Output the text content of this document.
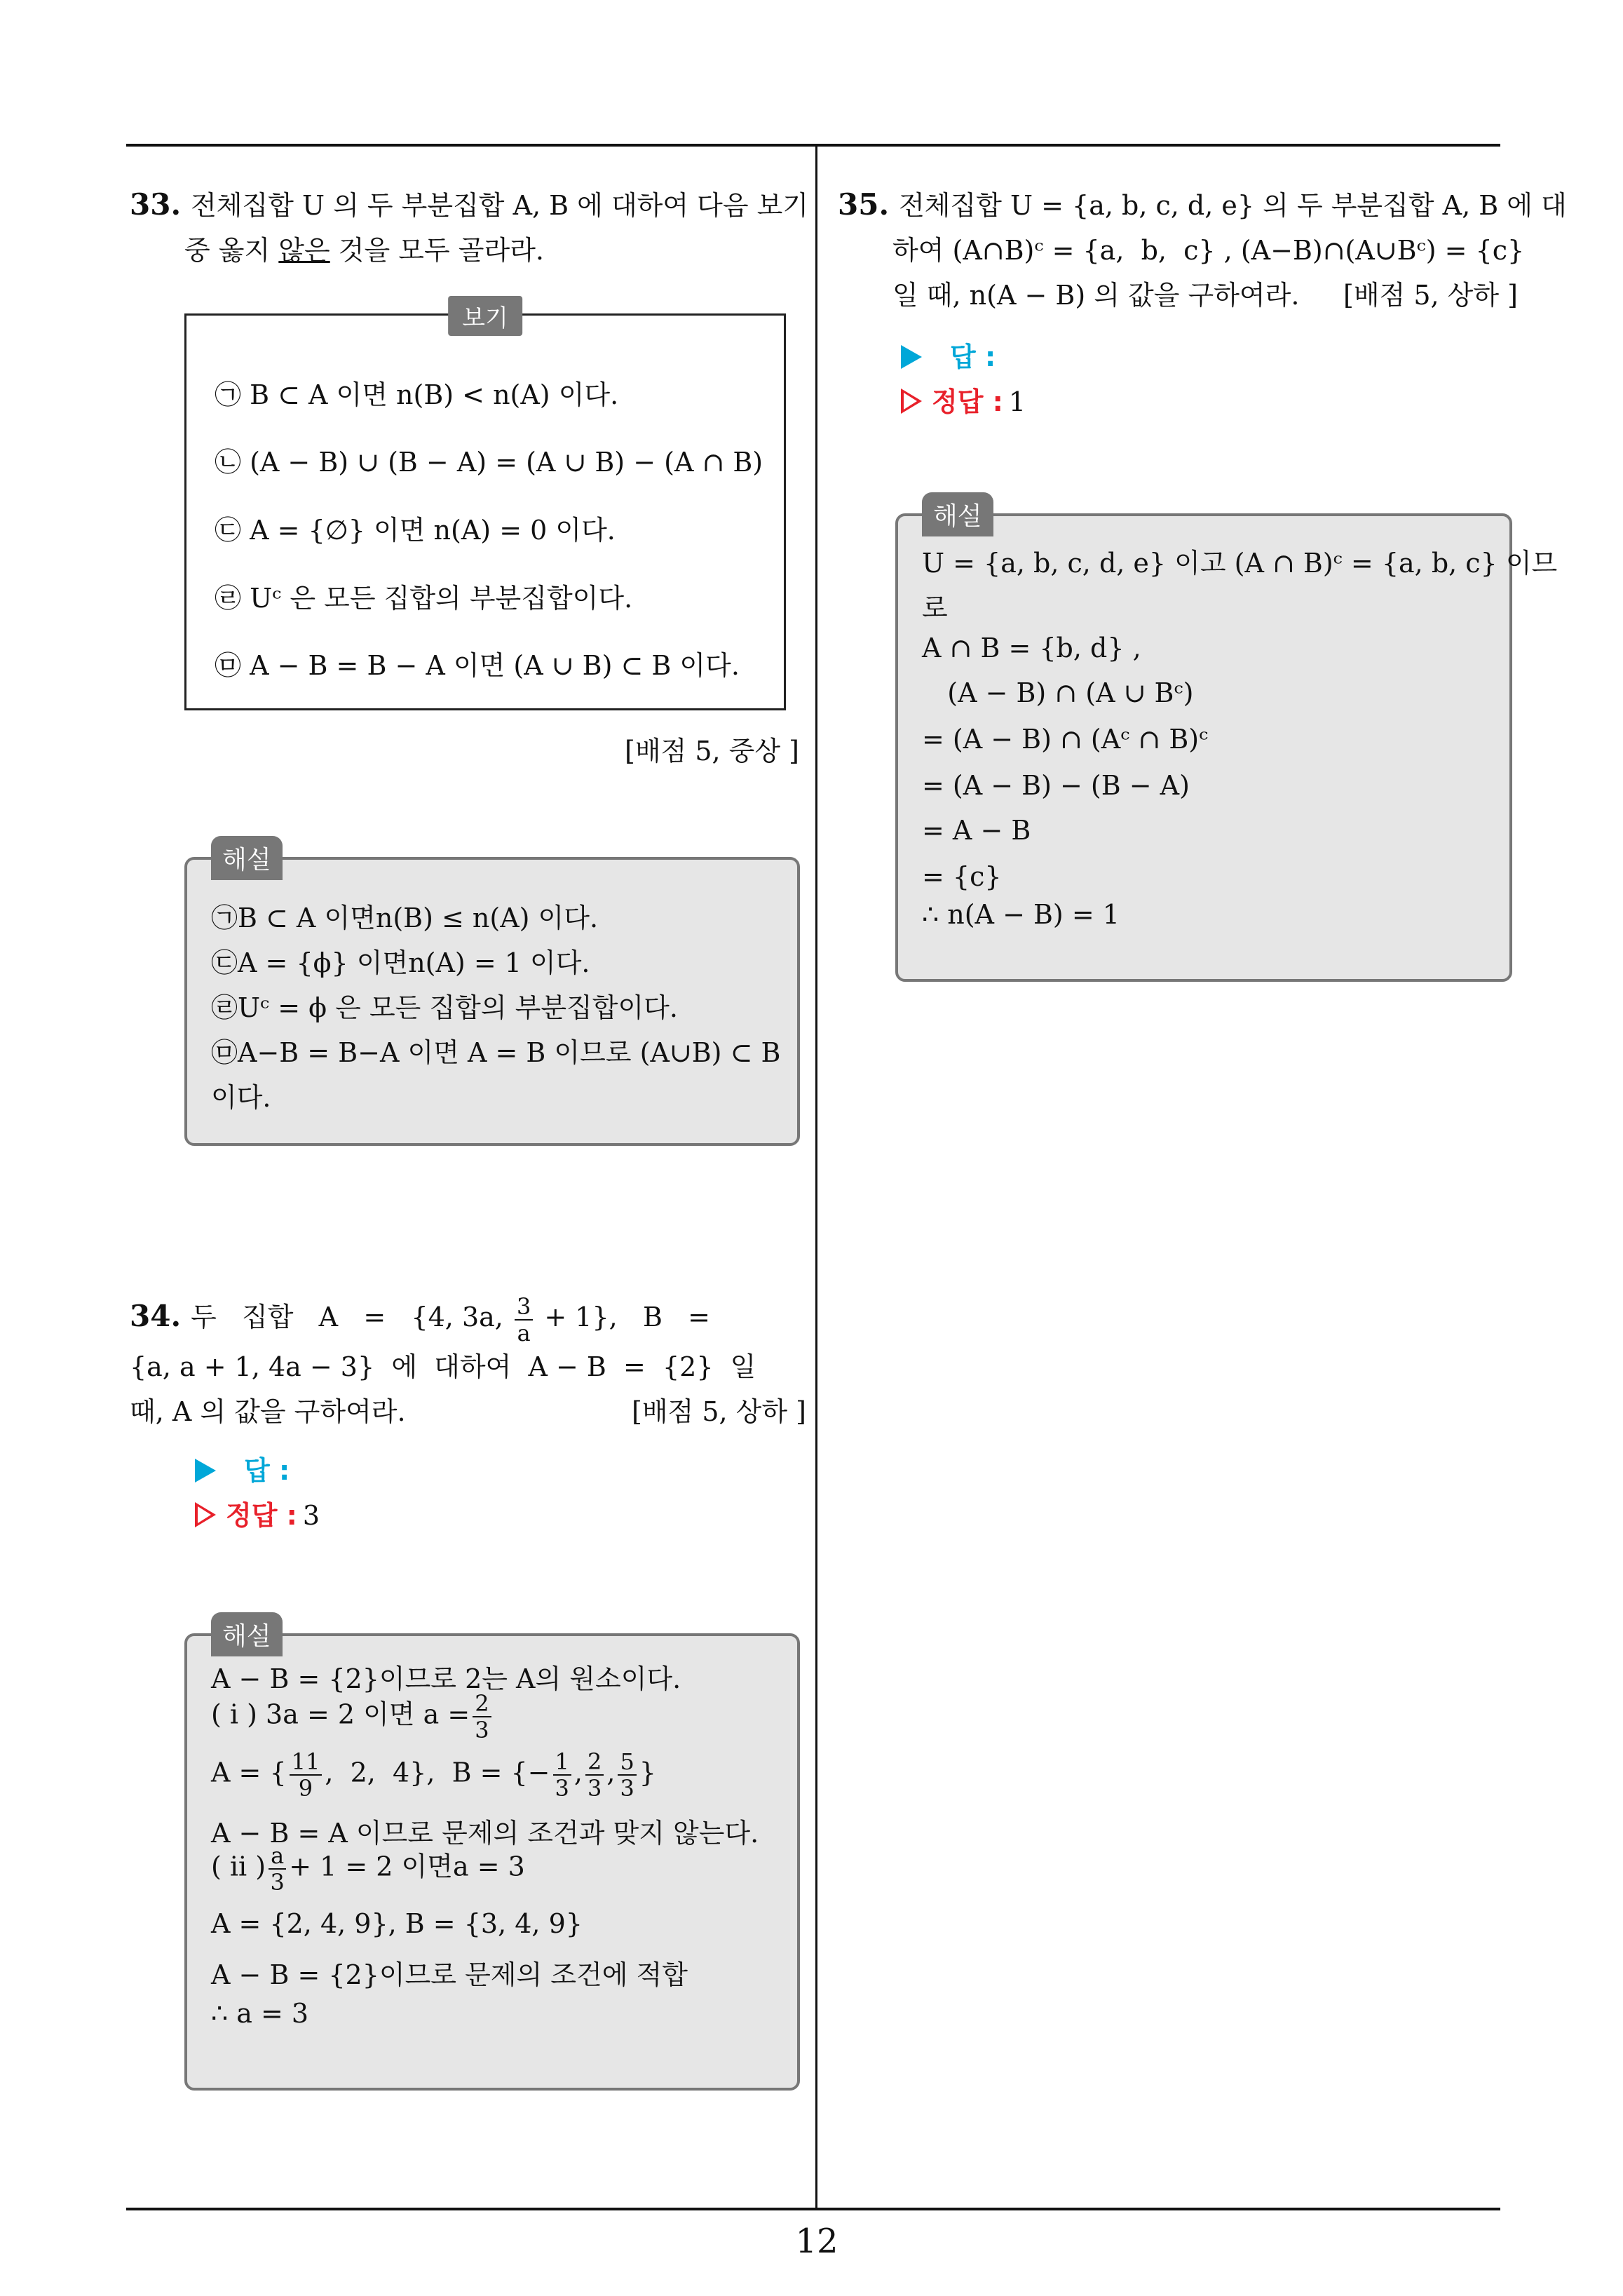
12
33. 전체집합 U 의 두 부분집합 A, B 에 대하여 다음 보기
중 옳지 않은 것을 모두 골라라.
보기
㉠ B ⊂ A 이면 n(B) < n(A) 이다.
㉡ (A − B) ∪ (B − A) = (A ∪ B) − (A ∩ B)
㉢ A = {∅} 이면 n(A) = 0 이다.
㉣ Uᶜ 은 모든 집합의 부분집합이다.
㉤ A − B = B − A 이면 (A ∪ B) ⊂ B 이다.
[배점 5, 중상 ]
해설
㉠B ⊂ A 이면n(B) ≤ n(A) 이다.
㉢A = {ϕ} 이면n(A) = 1 이다.
㉣Uᶜ = ϕ 은 모든 집합의 부분집합이다.
㉤A−B = B−A 이면 A = B 이므로 (A∪B) ⊂ B
이다.
34. 두   집합   A   =   {4, 3a, $\frac{3}{a} + 1$},   B   =
{a, a + 1, 4a − 3}  에  대하여  A − B  =  {2}  일
때, A 의 값을 구하여라.	[배점 5, 상하 ]
답 :
정답 : 3
해설
A − B = {2}이므로 2는 A의 원소이다.
( i ) 3a = 2 이면 $a = \frac{2}{3}$
A = { $\frac{11}{9}$ ,  2,  4},  B = {− $\frac{1}{3}$ , $\frac{2}{3}$ , $\frac{5}{3}$ }
A − B = A 이므로 문제의 조건과 맞지 않는다.
( ii ) $\frac{a}{3} + 1 = 2$ 이면a = 3
A = {2, 4, 9}, B = {3, 4, 9}
A − B = {2}이므로 문제의 조건에 적합
∴ a = 3
35. 전체집합 U = {a, b, c, d, e} 의 두 부분집합 A, B 에 대
하여 (A∩B)ᶜ = {a,  b,  c} , (A−B)∩(A∪Bᶜ) = {c}
일 때, n(A − B) 의 값을 구하여라. [배점 5, 상하 ]
답 :
정답 : 1
해설
U = {a, b, c, d, e} 이고 (A ∩ B)ᶜ = {a, b, c} 이므
로
A ∩ B = {b, d} ,
(A − B) ∩ (A ∪ Bᶜ)
= (A − B) ∩ (Aᶜ ∩ B)ᶜ
= (A − B) − (B − A)
= A − B
= {c}
∴ n(A − B) = 1
